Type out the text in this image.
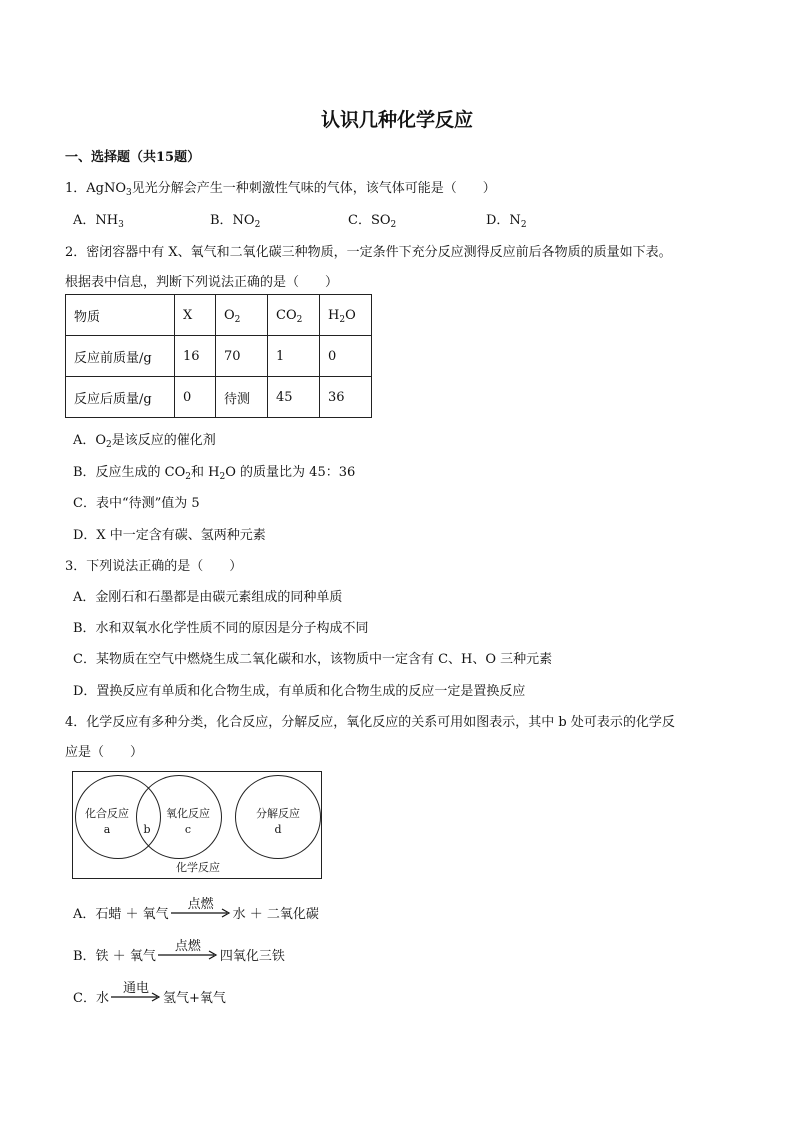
认识几种化学反应
一、选择题（共15题）
1．AgNO$_3$见光分解会产生一种刺激性气味的气体，该气体可能是（　　）
A．$NH_3$	B．$NO_2$	C．$SO_2$	D．$N_2$
2．密闭容器中有 X、氧气和二氧化碳三种物质，一定条件下充分反应测得反应前后各物质的质量如下表。
根据表中信息，判断下列说法正确的是（　　）
物质	X	$O_2$	$CO_2$	$H_2O$
反应前质量/g	16	70	1	0
反应后质量/g	0	待测	45	36
A．$O_2$是该反应的催化剂
B．反应生成的 $CO_2$和 $H_2O$ 的质量比为 45：36
C．表中“待测”值为 5
D．X 中一定含有碳、氢两种元素
3．下列说法正确的是（　　）
A．金刚石和石墨都是由碳元素组成的同种单质
B．水和双氧水化学性质不同的原因是分子构成不同
C．某物质在空气中燃烧生成二氧化碳和水，该物质中一定含有 C、H、O 三种元素
D．置换反应有单质和化合物生成，有单质和化合物生成的反应一定是置换反应
4．化学反应有多种分类，化合反应，分解反应，氧化反应的关系可用如图表示，其中 b 处可表示的化学反
应是（　　）
化合反应
a	b
氧化反应
c
分解反应
d
化学反应
A．石蜡 ＋ 氧气
点燃
水 ＋ 二氧化碳
B．铁 ＋ 氧气
点燃
四氧化三铁
C．水
通电
氢气+氧气
